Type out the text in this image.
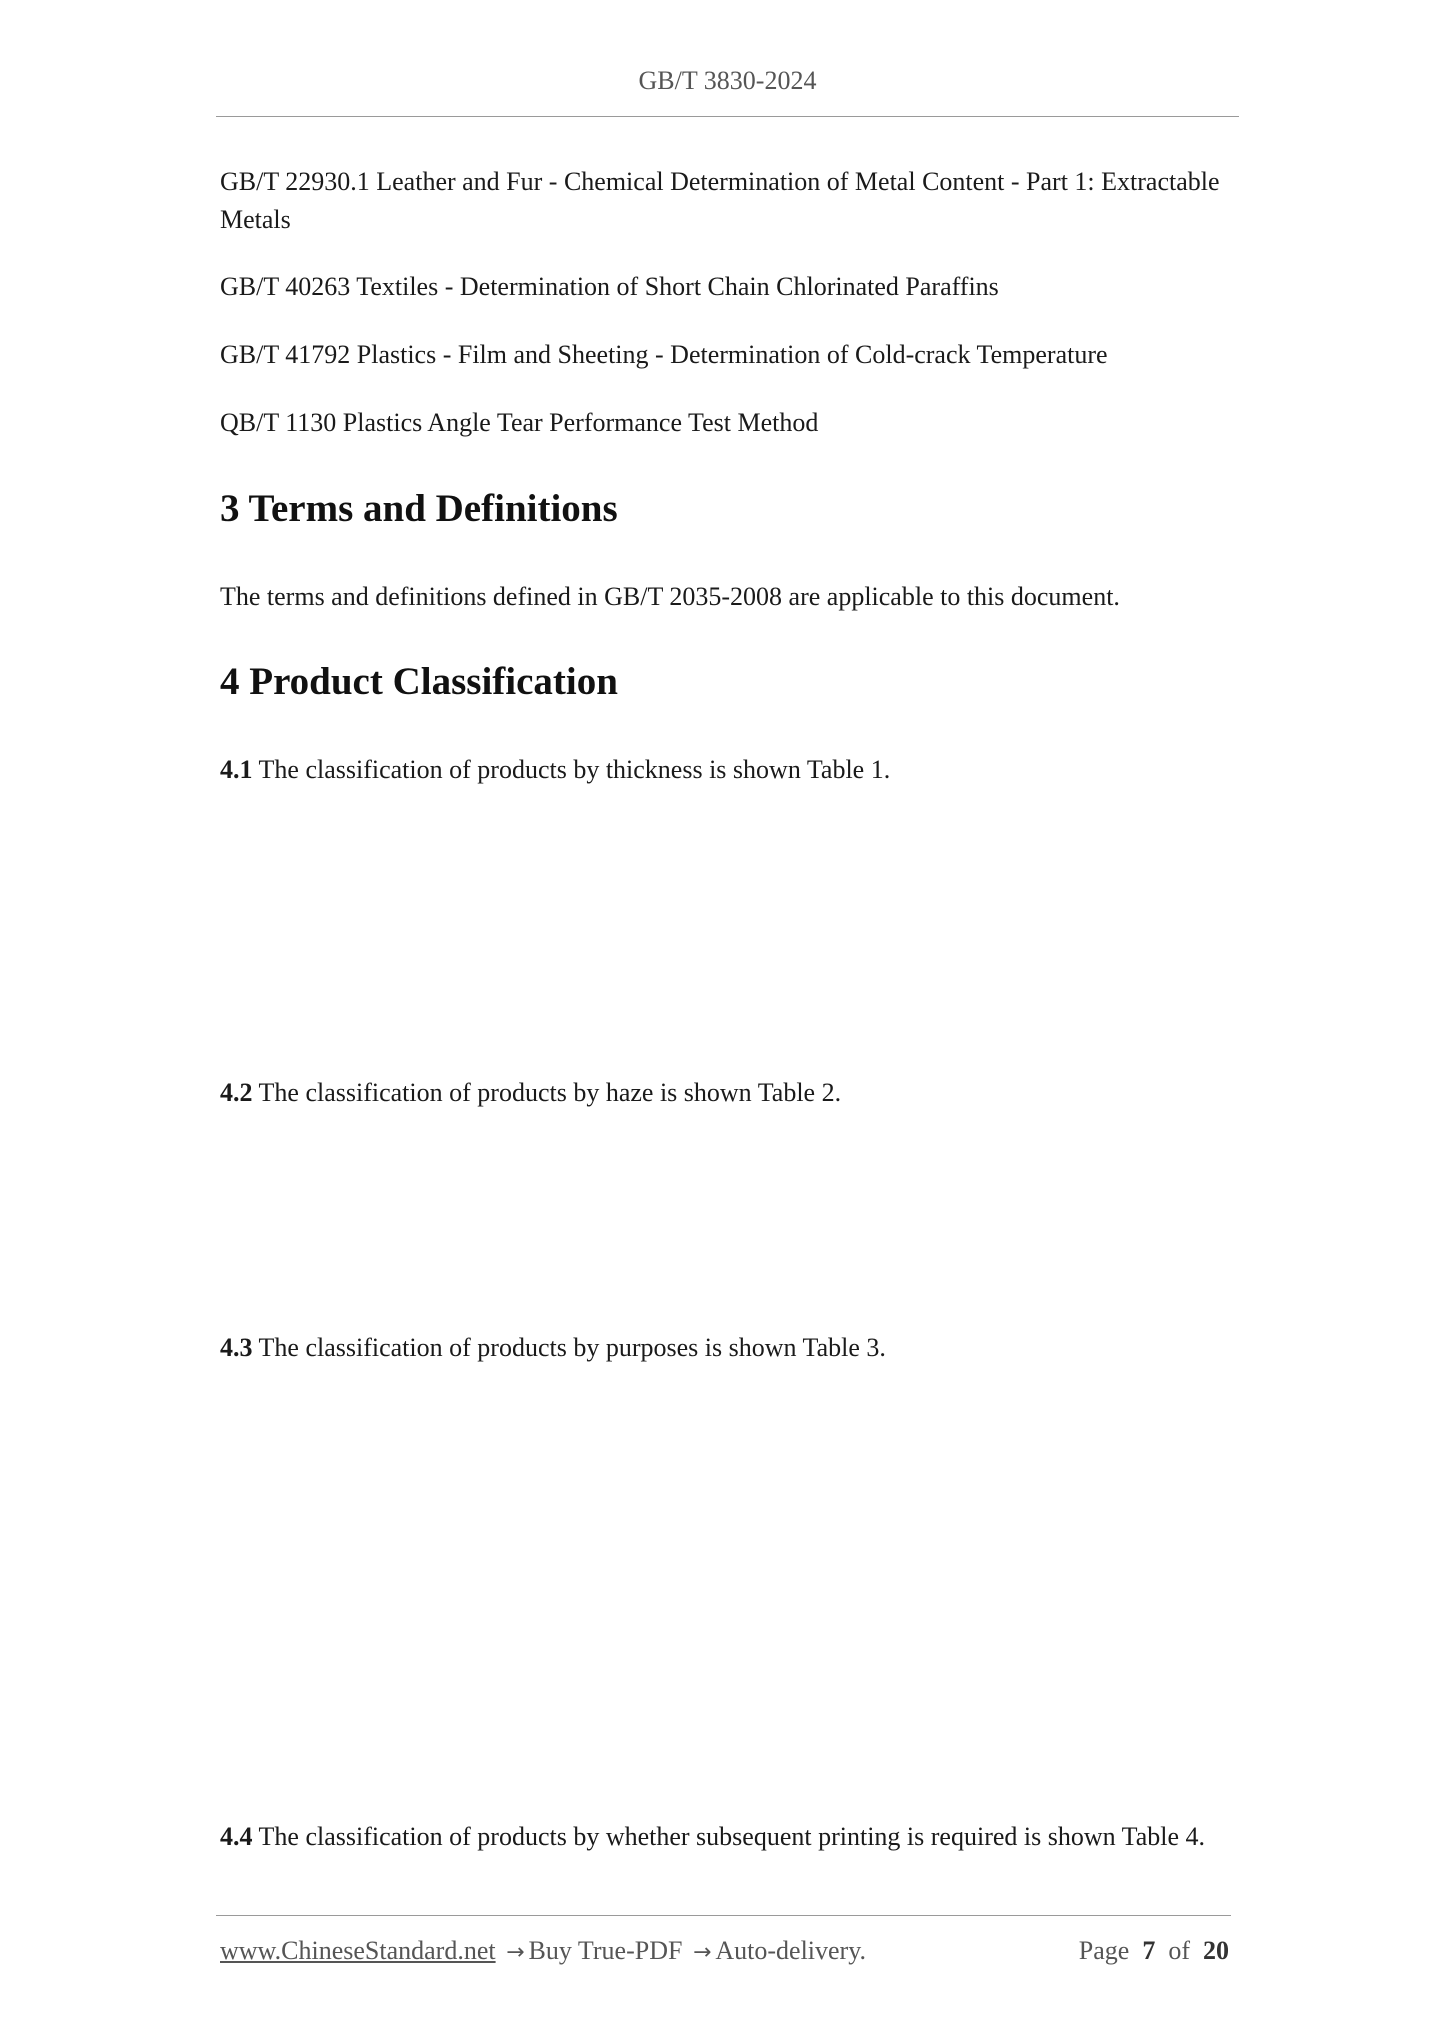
GB/T 3830-2024
GB/T 22930.1 Leather and Fur - Chemical Determination of Metal Content - Part 1: Extractable Metals
GB/T 40263 Textiles - Determination of Short Chain Chlorinated Paraffins
GB/T 41792 Plastics - Film and Sheeting - Determination of Cold-crack Temperature
QB/T 1130 Plastics Angle Tear Performance Test Method
3 Terms and Definitions
The terms and definitions defined in GB/T 2035-2008 are applicable to this document.
4 Product Classification
4.1 The classification of products by thickness is shown Table 1.
4.2 The classification of products by haze is shown Table 2.
4.3 The classification of products by purposes is shown Table 3.
4.4 The classification of products by whether subsequent printing is required is shown Table 4.
www.ChineseStandard.net → Buy True-PDF → Auto-delivery.	Page 7 of 20
